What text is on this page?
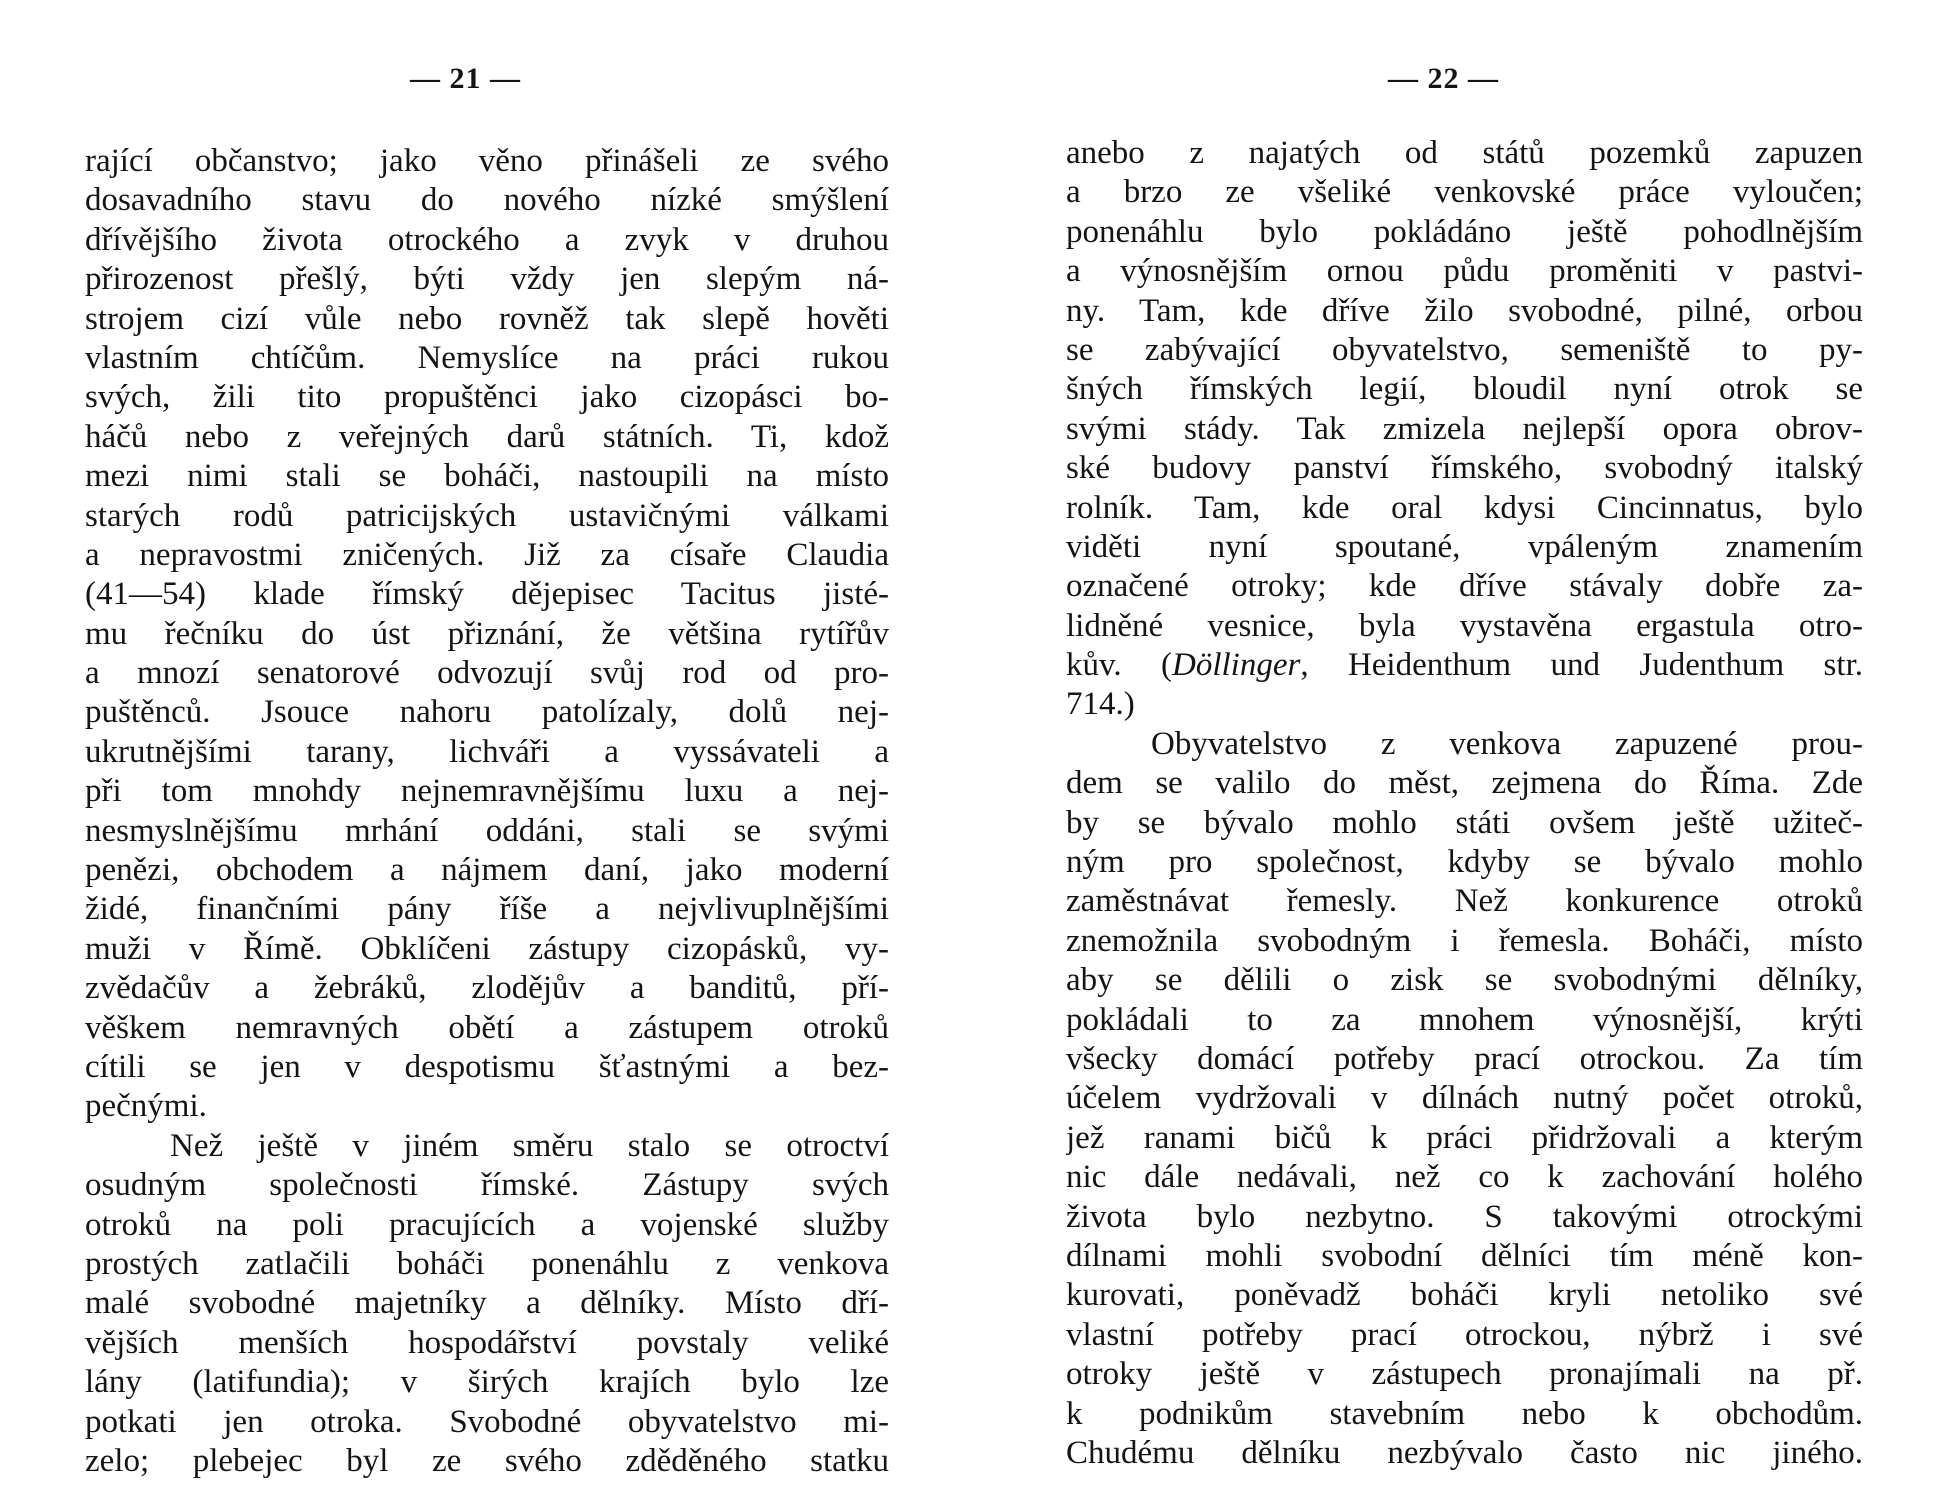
— 21 —
rající občanstvo; jako věno přinášeli ze svého
dosavadního stavu do nového nízké smýšlení
dřívějšího života otrockého a zvyk v druhou
přirozenost přešlý, býti vždy jen slepým ná-
strojem cizí vůle nebo rovněž tak slepě hověti
vlastním chtíčům. Nemyslíce na práci rukou
svých, žili tito propuštěnci jako cizopásci bo-
háčů nebo z veřejných darů státních. Ti, kdož
mezi nimi stali se boháči, nastoupili na místo
starých rodů patricijských ustavičnými válkami
a nepravostmi zničených. Již za císaře Claudia
(41—54) klade římský dějepisec Tacitus jisté-
mu řečníku do úst přiznání, že většina rytířův
a mnozí senatorové odvozují svůj rod od pro-
puštěnců. Jsouce nahoru patolízaly, dolů nej-
ukrutnějšími tarany, lichváři a vyssávateli a
při tom mnohdy nejnemravnějšímu luxu a nej-
nesmyslnějšímu mrhání oddáni, stali se svými
penězi, obchodem a nájmem daní, jako moderní
židé, finančními pány říše a nejvlivuplnějšími
muži v Římě. Obklíčeni zástupy cizopásků, vy-
zvědačův a žebráků, zlodějův a banditů, pří-
věškem nemravných obětí a zástupem otroků
cítili se jen v despotismu šťastnými a bez-
pečnými.
Než ještě v jiném směru stalo se otroctví
osudným společnosti římské. Zástupy svých
otroků na poli pracujících a vojenské služby
prostých zatlačili boháči ponenáhlu z venkova
malé svobodné majetníky a dělníky. Místo dří-
vějších menších hospodářství povstaly veliké
lány (latifundia); v širých krajích bylo lze
potkati jen otroka. Svobodné obyvatelstvo mi-
zelo; plebejec byl ze svého zděděného statku
— 22 —
anebo z najatých od států pozemků zapuzen
a brzo ze všeliké venkovské práce vyloučen;
ponenáhlu bylo pokládáno ještě pohodlnějším
a výnosnějším ornou půdu proměniti v pastvi-
ny. Tam, kde dříve žilo svobodné, pilné, orbou
se zabývající obyvatelstvo, semeniště to py-
šných římských legií, bloudil nyní otrok se
svými stády. Tak zmizela nejlepší opora obrov-
ské budovy panství římského, svobodný italský
rolník. Tam, kde oral kdysi Cincinnatus, bylo
viděti nyní spoutané, vpáleným znamením
označené otroky; kde dříve stávaly dobře za-
lidněné vesnice, byla vystavěna ergastula otro-
kův. (Döllinger, Heidenthum und Judenthum str.
714.)
Obyvatelstvo z venkova zapuzené prou-
dem se valilo do měst, zejmena do Říma. Zde
by se bývalo mohlo státi ovšem ještě užiteč-
ným pro společnost, kdyby se bývalo mohlo
zaměstnávat řemesly. Než konkurence otroků
znemožnila svobodným i řemesla. Boháči, místo
aby se dělili o zisk se svobodnými dělníky,
pokládali to za mnohem výnosnější, krýti
všecky domácí potřeby prací otrockou. Za tím
účelem vydržovali v dílnách nutný počet otroků,
jež ranami bičů k práci přidržovali a kterým
nic dále nedávali, než co k zachování holého
života bylo nezbytno. S takovými otrockými
dílnami mohli svobodní dělníci tím méně kon-
kurovati, poněvadž boháči kryli netoliko své
vlastní potřeby prací otrockou, nýbrž i své
otroky ještě v zástupech pronajímali na př.
k podnikům stavebním nebo k obchodům.
Chudému dělníku nezbývalo často nic jiného.
